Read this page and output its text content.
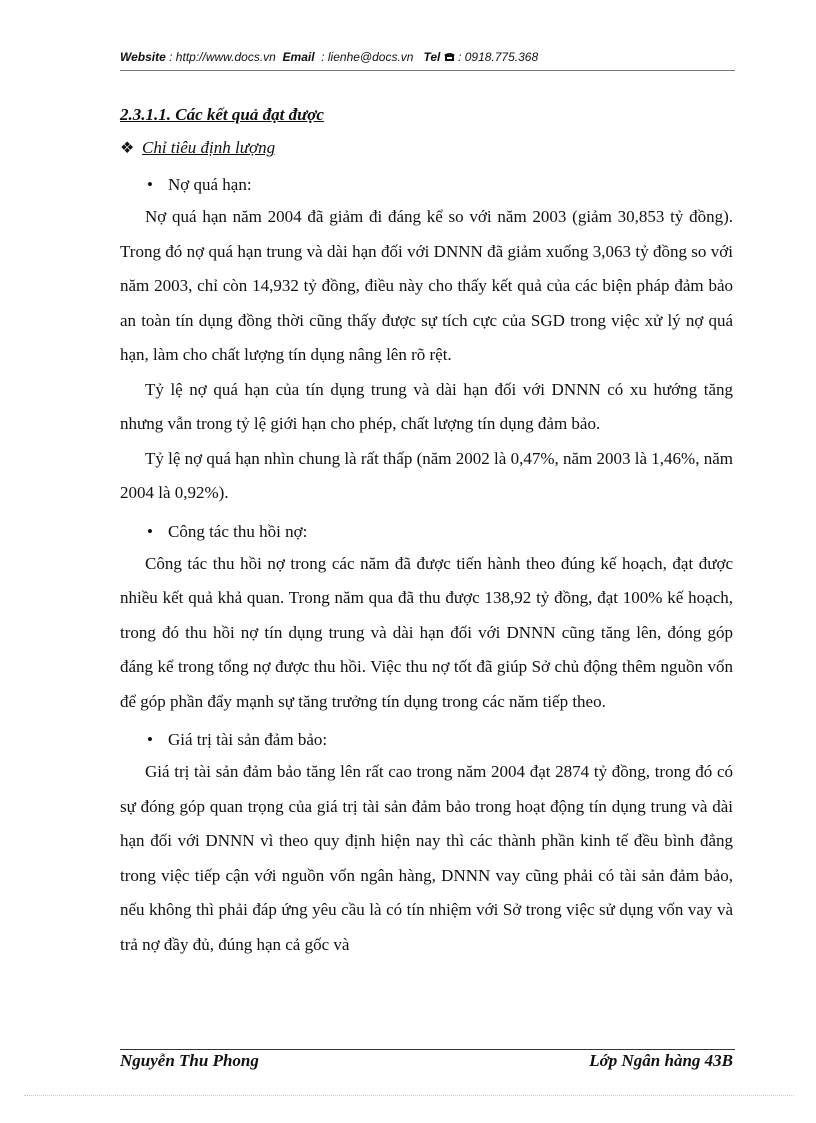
Website : http://www.docs.vn Email : lienhe@docs.vn Tel : 0918.775.368
2.3.1.1. Các kết quả đạt được
❖ Chỉ tiêu định lượng
• Nợ quá hạn:

Nợ quá hạn năm 2004 đã giảm đi đáng kể so với năm 2003 (giảm 30,853 tỷ đồng). Trong đó nợ quá hạn trung và dài hạn đối với DNNN đã giảm xuống 3,063 tỷ đồng so với năm 2003, chỉ còn 14,932 tỷ đồng, điều này cho thấy kết quả của các biện pháp đảm bảo an toàn tín dụng đồng thời cũng thấy được sự tích cực của SGD trong việc xử lý nợ quá hạn, làm cho chất lượng tín dụng nâng lên rõ rệt.

Tỷ lệ nợ quá hạn của tín dụng trung và dài hạn đối với DNNN có xu hướng tăng nhưng vẫn trong tỷ lệ giới hạn cho phép, chất lượng tín dụng đảm bảo.

Tỷ lệ nợ quá hạn nhìn chung là rất thấp (năm 2002 là 0,47%, năm 2003 là 1,46%, năm 2004 là 0,92%).

• Công tác thu hồi nợ:

Công tác thu hồi nợ trong các năm đã được tiến hành theo đúng kế hoạch, đạt được nhiều kết quả khả quan. Trong năm qua đã thu được 138,92 tỷ đồng, đạt 100% kế hoạch, trong đó thu hồi nợ tín dụng trung và dài hạn đối với DNNN cũng tăng lên, đóng góp đáng kể trong tổng nợ được thu hồi. Việc thu nợ tốt đã giúp Sở chủ động thêm nguồn vốn để góp phần đẩy mạnh sự tăng trưởng tín dụng trong các năm tiếp theo.

• Giá trị tài sản đảm bảo:

Giá trị tài sản đảm bảo tăng lên rất cao trong năm 2004 đạt 2874 tỷ đồng, trong đó có sự đóng góp quan trọng của giá trị tài sản đảm bảo trong hoạt động tín dụng trung và dài hạn đối với DNNN vì theo quy định hiện nay thì các thành phần kinh tế đều bình đẳng trong việc tiếp cận với nguồn vốn ngân hàng, DNNN vay cũng phải có tài sản đảm bảo, nếu không thì phải đáp ứng yêu cầu là có tín nhiệm với Sở trong việc sử dụng vốn vay và trả nợ đầy đủ, đúng hạn cả gốc và

Nguyễn Thu Phong	Lớp Ngân hàng 43B
